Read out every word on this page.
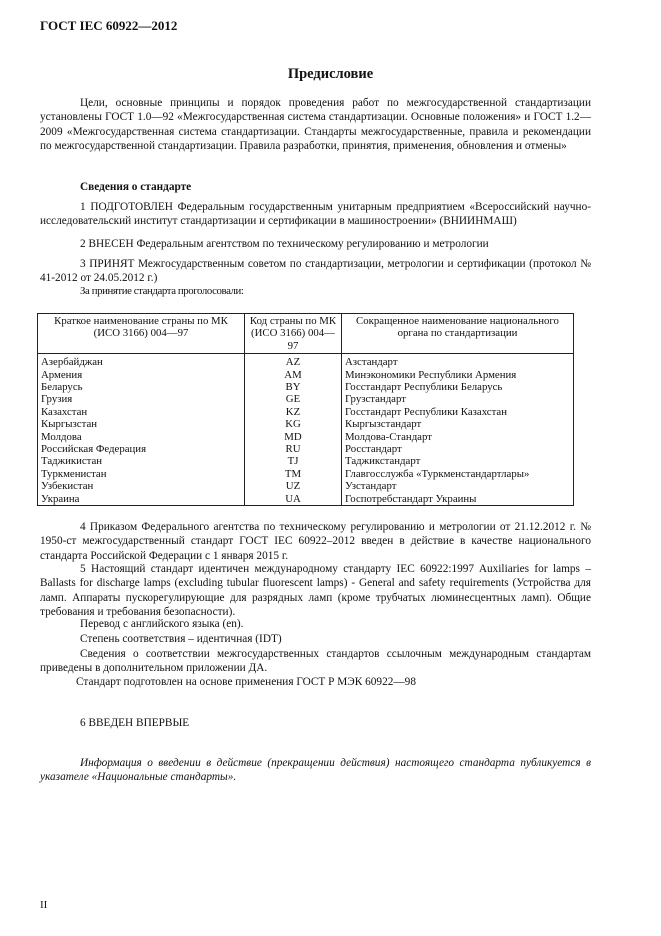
ГОСТ IEC 60922—2012
Предисловие
Цели, основные принципы и порядок проведения работ по межгосударственной стандартизации установлены ГОСТ 1.0—92 «Межгосударственная система стандартизации. Основные положения» и ГОСТ 1.2—2009 «Межгосударственная система стандартизации. Стандарты межгосударственные, правила и рекомендации по межгосударственной стандартизации. Правила разработки, принятия, применения, обновления и отмены»
Сведения о стандарте
1 ПОДГОТОВЛЕН Федеральным государственным унитарным предприятием «Всероссийский научно-исследовательский институт стандартизации и сертификации в машиностроении» (ВНИИНМАШ)
2 ВНЕСЕН Федеральным агентством по техническому регулированию и метрологии
3 ПРИНЯТ Межгосударственным советом по стандартизации, метрологии и сертификации (протокол № 41-2012 от 24.05.2012 г.)
За принятие стандарта проголосовали:
Краткое наименование страны по МК (ИСО 3166) 004—97	Код страны по МК (ИСО 3166) 004—97	Сокращенное наименование национального органа по стандартизации
Азербайджан	AZ	Азстандарт
Армения	AM	Минэкономики Республики Армения
Беларусь	BY	Госстандарт Республики Беларусь
Грузия	GE	Грузстандарт
Казахстан	KZ	Госстандарт Республики Казахстан
Кыргызстан	KG	Кыргызстандарт
Молдова	MD	Молдова-Стандарт
Российская Федерация	RU	Росстандарт
Таджикистан	TJ	Таджикстандарт
Туркменистан	TM	Главгосслужба «Туркменстандартлары»
Узбекистан	UZ	Узстандарт
Украина	UA	Госпотребстандарт Украины
4 Приказом Федерального агентства по техническому регулированию и метрологии от 21.12.2012 г. № 1950-ст межгосударственный стандарт ГОСТ IEC 60922–2012 введен в действие в качестве национального стандарта Российской Федерации с 1 января 2015 г.
5 Настоящий стандарт идентичен международному стандарту IEC 60922:1997 Auxiliaries for lamps – Ballasts for discharge lamps (excluding tubular fluorescent lamps) - General and safety requirements (Устройства для ламп. Аппараты пускорегулирующие для разрядных ламп (кроме трубчатых люминесцентных ламп). Общие требования и требования безопасности).
Перевод с английского языка (en).
Степень соответствия – идентичная (IDT)
Сведения о соответствии межгосударственных стандартов ссылочным международным стандартам приведены в дополнительном приложении ДА.
Стандарт подготовлен на основе применения ГОСТ Р МЭК 60922—98
6 ВВЕДЕН ВПЕРВЫЕ
Информация о введении в действие (прекращении действия) настоящего стандарта публикуется в указателе «Национальные стандарты».
II
